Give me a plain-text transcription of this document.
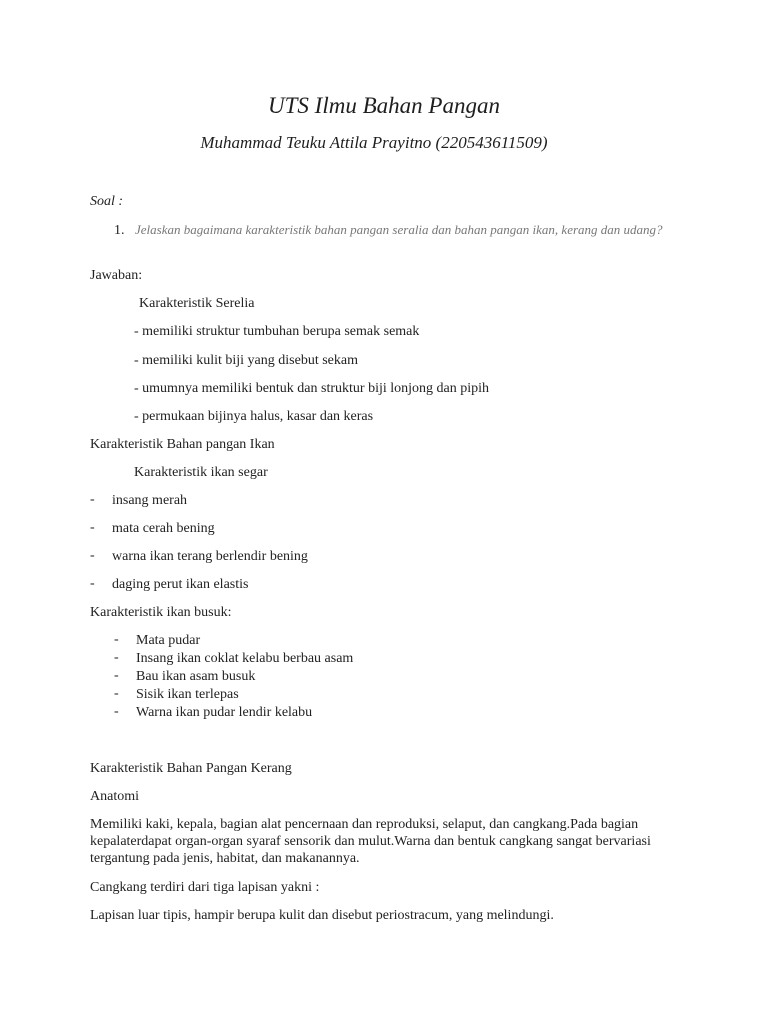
UTS Ilmu Bahan Pangan
Muhammad Teuku Attila Prayitno (220543611509)
Soal :
1. Jelaskan bagaimana karakteristik bahan pangan seralia dan bahan pangan ikan, kerang dan udang?
Jawaban:
Karakteristik Serelia
- memiliki struktur tumbuhan berupa semak semak
- memiliki kulit biji yang disebut sekam
- umumnya memiliki bentuk dan struktur biji lonjong dan pipih
- permukaan bijinya halus, kasar dan keras
Karakteristik Bahan pangan Ikan
Karakteristik ikan segar
- insang merah
- mata cerah bening
- warna ikan terang berlendir bening
- daging perut ikan elastis
Karakteristik ikan busuk:
- Mata pudar
- Insang ikan coklat kelabu berbau asam
- Bau ikan asam busuk
- Sisik ikan terlepas
- Warna ikan pudar lendir kelabu
Karakteristik Bahan Pangan Kerang
Anatomi
Memiliki kaki, kepala, bagian alat pencernaan dan reproduksi, selaput, dan cangkang.Pada bagian
kepalaterdapat organ-organ syaraf sensorik dan mulut.Warna dan bentuk cangkang sangat bervariasi
tergantung pada jenis, habitat, dan makanannya.
Cangkang terdiri dari tiga lapisan yakni :
Lapisan luar tipis, hampir berupa kulit dan disebut periostracum, yang melindungi.
